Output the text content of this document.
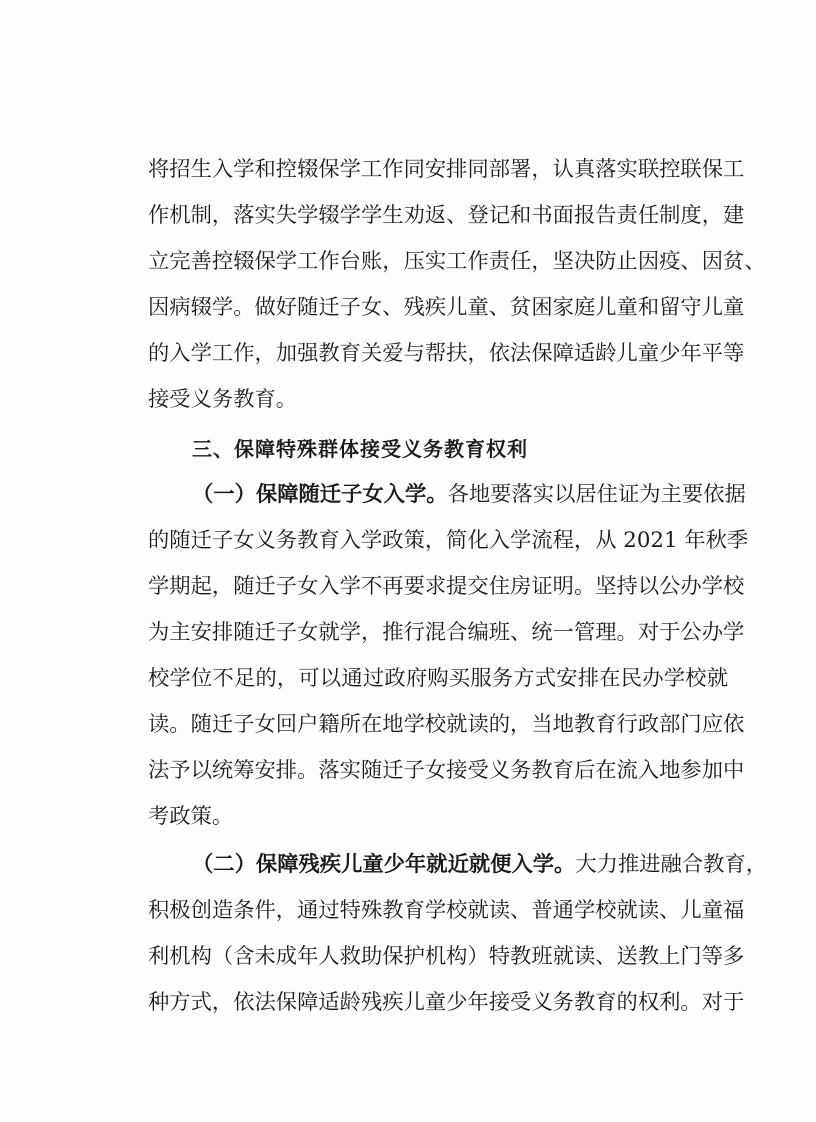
将招生入学和控辍保学工作同安排同部署，认真落实联控联保工
作机制，落实失学辍学学生劝返、登记和书面报告责任制度，建
立完善控辍保学工作台账，压实工作责任，坚决防止因疫、因贫、
因病辍学。做好随迁子女、残疾儿童、贫困家庭儿童和留守儿童
的入学工作，加强教育关爱与帮扶，依法保障适龄儿童少年平等
接受义务教育。
三、保障特殊群体接受义务教育权利
（一）保障随迁子女入学。各地要落实以居住证为主要依据
的随迁子女义务教育入学政策，简化入学流程，从 2021 年秋季
学期起，随迁子女入学不再要求提交住房证明。坚持以公办学校
为主安排随迁子女就学，推行混合编班、统一管理。对于公办学
校学位不足的，可以通过政府购买服务方式安排在民办学校就
读。随迁子女回户籍所在地学校就读的，当地教育行政部门应依
法予以统筹安排。落实随迁子女接受义务教育后在流入地参加中
考政策。
（二）保障残疾儿童少年就近就便入学。大力推进融合教育，
积极创造条件，通过特殊教育学校就读、普通学校就读、儿童福
利机构（含未成年人救助保护机构）特教班就读、送教上门等多
种方式，依法保障适龄残疾儿童少年接受义务教育的权利。对于
